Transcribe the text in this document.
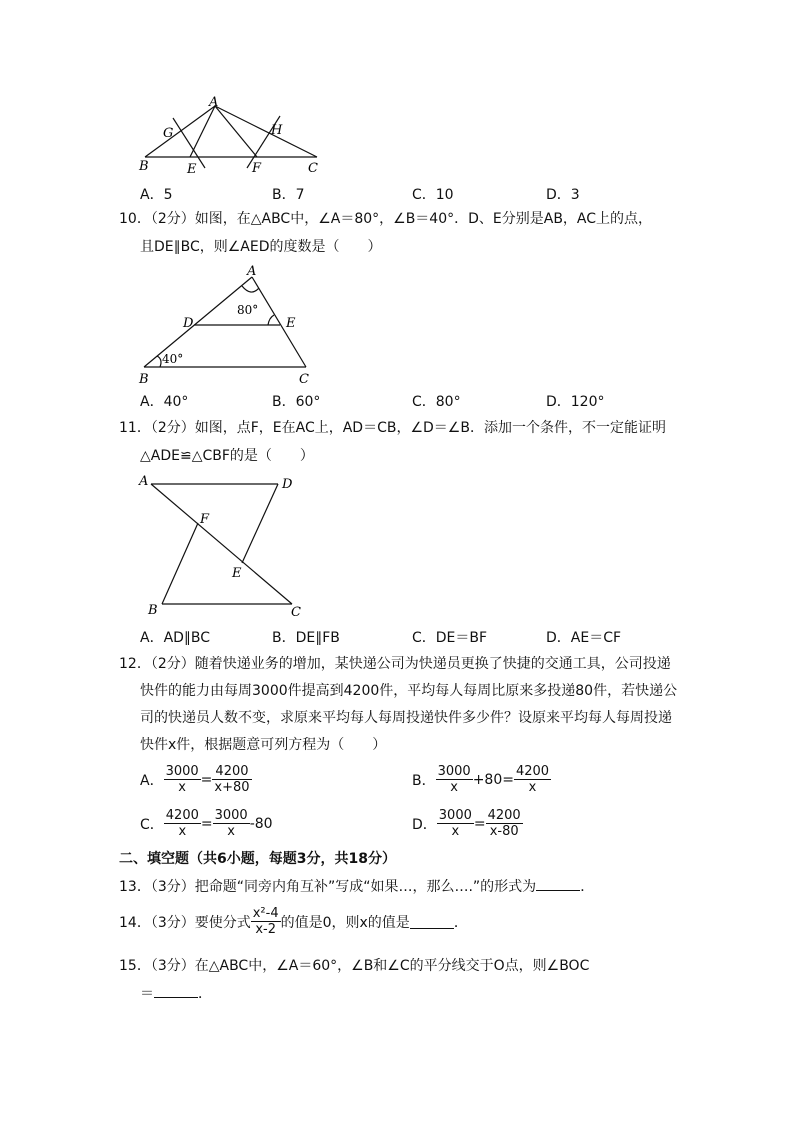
A
G	H
B	E	F	C
A．5	B．7	C．10	D．3
10．（2分）如图，在△ABC中，∠A＝80°，∠B＝40°．D、E分别是AB，AC上的点，
且DE∥BC，则∠AED的度数是（　　）
A
80°
D	E
40°
B	C
A．40°	B．60°	C．80°	D．120°
11．（2分）如图，点F，E在AC上，AD＝CB，∠D＝∠B．添加一个条件，不一定能证明
△ADE≌△CBF的是（　　）
A	D
F
E
B	C
A．AD∥BC	B．DE∥FB	C．DE＝BF	D．AE＝CF
12．（2分）随着快递业务的增加，某快递公司为快递员更换了快捷的交通工具，公司投递
快件的能力由每周3000件提高到4200件，平均每人每周比原来多投递80件，若快递公
司的快递员人数不变，求原来平均每人每周投递快件多少件？设原来平均每人每周投递
快件x件，根据题意可列方程为（　　）
A． $\frac{3000}{x} = \frac{4200}{x+80}$	B． $\frac{3000}{x} +80= \frac{4200}{x}$
C． $\frac{4200}{x} = \frac{3000}{x} -80$	D． $\frac{3000}{x} = \frac{4200}{x-80}$
二、填空题（共6小题，每题3分，共18分）
13．（3分）把命题“同旁内角互补”写成“如果…，那么….”的形式为	．
14．（3分）要使分式 $\frac{\text{x²-4}}{x-2}$ 的值是0，则x的值是	．
15．（3分）在△ABC中，∠A＝60°，∠B和∠C的平分线交于O点，则∠BOC
＝	．
